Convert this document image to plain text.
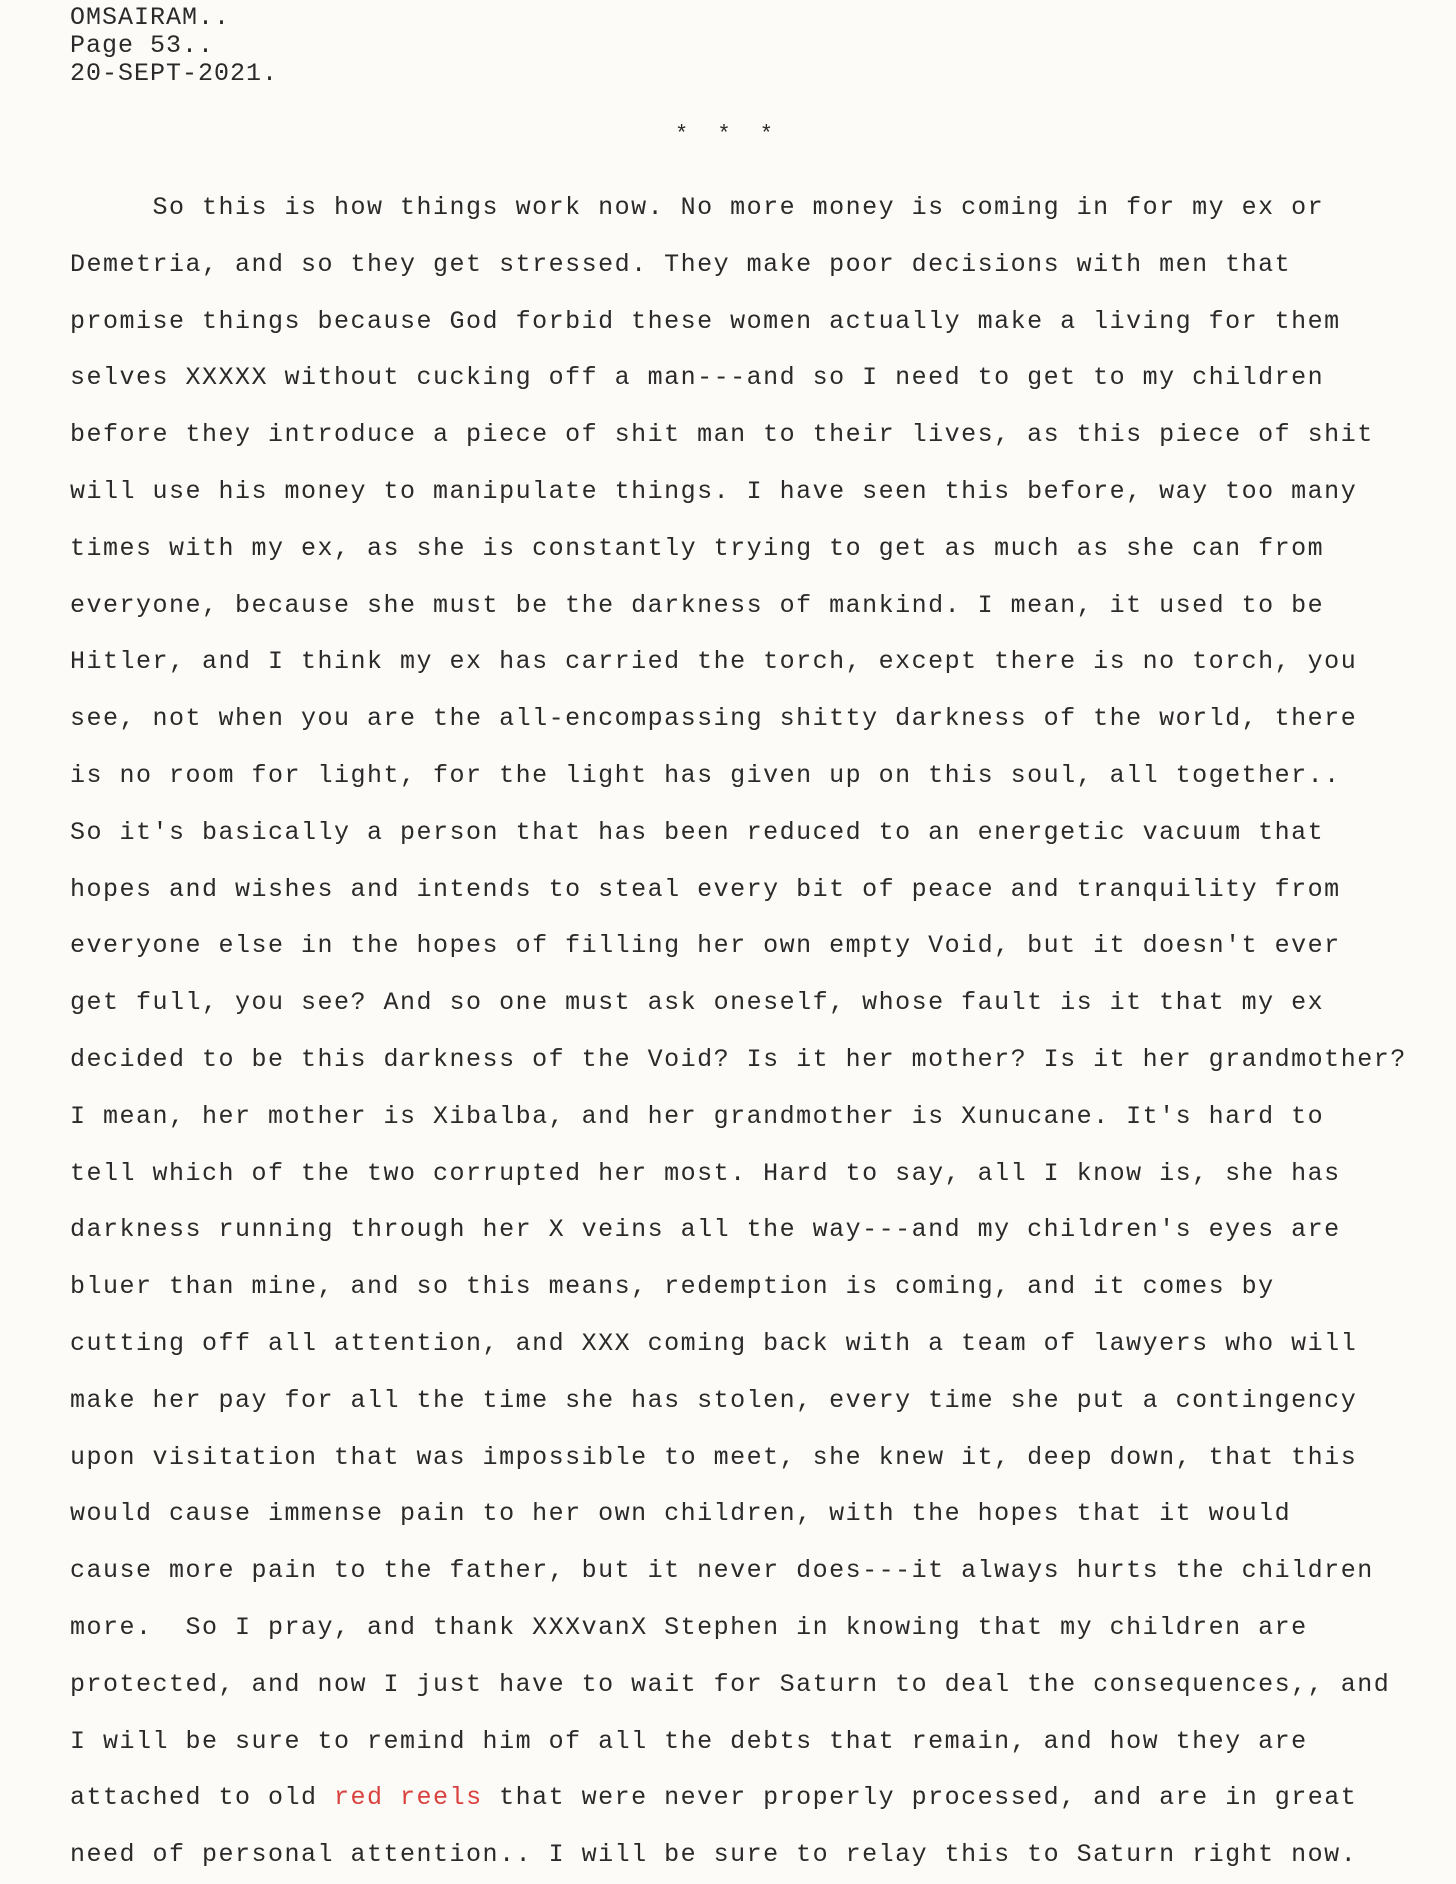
OMSAIRAM..
Page 53..
20-SEPT-2021.
* * *
So this is how things work now. No more money is coming in for my ex or
Demetria, and so they get stressed. They make poor decisions with men that
promise things because God forbid these women actually make a living for them
selves XXXXX without cucking off a man---and so I need to get to my children
before they introduce a piece of shit man to their lives, as this piece of shit
will use his money to manipulate things. I have seen this before, way too many
times with my ex, as she is constantly trying to get as much as she can from
everyone, because she must be the darkness of mankind. I mean, it used to be
Hitler, and I think my ex has carried the torch, except there is no torch, you
see, not when you are the all-encompassing shitty darkness of the world, there
is no room for light, for the light has given up on this soul, all together..
So it's basically a person that has been reduced to an energetic vacuum that
hopes and wishes and intends to steal every bit of peace and tranquility from
everyone else in the hopes of filling her own empty Void, but it doesn't ever
get full, you see? And so one must ask oneself, whose fault is it that my ex
decided to be this darkness of the Void? Is it her mother? Is it her grandmother?
I mean, her mother is Xibalba, and her grandmother is Xunucane. It's hard to
tell which of the two corrupted her most. Hard to say, all I know is, she has
darkness running through her X veins all the way---and my children's eyes are
bluer than mine, and so this means, redemption is coming, and it comes by
cutting off all attention, and XXX coming back with a team of lawyers who will
make her pay for all the time she has stolen, every time she put a contingency
upon visitation that was impossible to meet, she knew it, deep down, that this
would cause immense pain to her own children, with the hopes that it would
cause more pain to the father, but it never does---it always hurts the children
more.  So I pray, and thank XXXvanX Stephen in knowing that my children are
protected, and now I just have to wait for Saturn to deal the consequences,, and
I will be sure to remind him of all the debts that remain, and how they are
attached to old red reels that were never properly processed, and are in great
need of personal attention.. I will be sure to relay this to Saturn right now.
